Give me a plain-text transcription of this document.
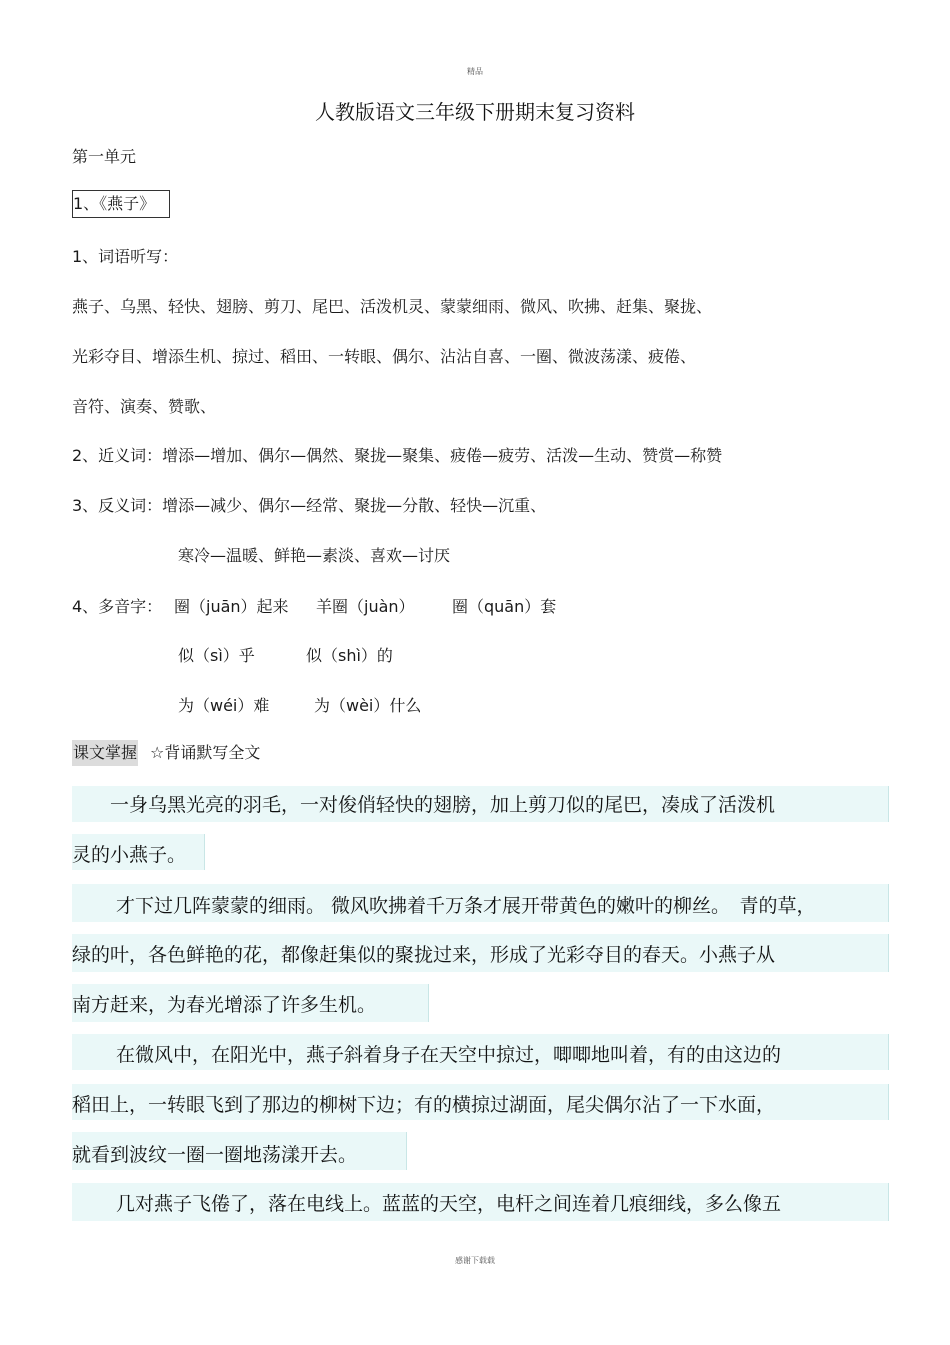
精品
人教版语文三年级下册期末复习资料
第一单元
1、《燕子》
1、词语听写：
燕子、乌黑、轻快、翅膀、剪刀、尾巴、活泼机灵、蒙蒙细雨、微风、吹拂、赶集、聚拢、
光彩夺目、增添生机、掠过、稻田、一转眼、偶尔、沾沾自喜、一圈、微波荡漾、疲倦、
音符、演奏、赞歌、
2、近义词：增添—增加、偶尔—偶然、聚拢—聚集、疲倦—疲劳、活泼—生动、赞赏—称赞
3、反义词：增添—减少、偶尔—经常、聚拢—分散、轻快—沉重、
寒冷—温暖、鲜艳—素淡、喜欢—讨厌
4、多音字： 圈（juān）起来 羊圈（juàn） 圈（quān）套
似（sì）乎	似（shì）的
为（wéi）难	为（wèi）什么
课文掌握 ☆背诵默写全文
一身乌黑光亮的羽毛，一对俊俏轻快的翅膀，加上剪刀似的尾巴，凑成了活泼机
灵的小燕子。
才下过几阵蒙蒙的细雨。 微风吹拂着千万条才展开带黄色的嫩叶的柳丝。　青的草，
绿的叶，各色鲜艳的花，都像赶集似的聚拢过来，形成了光彩夺目的春天。小燕子从
南方赶来，为春光增添了许多生机。
在微风中，在阳光中，燕子斜着身子在天空中掠过，唧唧地叫着，有的由这边的
稻田上，一转眼飞到了那边的柳树下边；有的横掠过湖面，尾尖偶尔沾了一下水面，
就看到波纹一圈一圈地荡漾开去。
几对燕子飞倦了，落在电线上。蓝蓝的天空，电杆之间连着几痕细线，多么像五
感谢下载载
